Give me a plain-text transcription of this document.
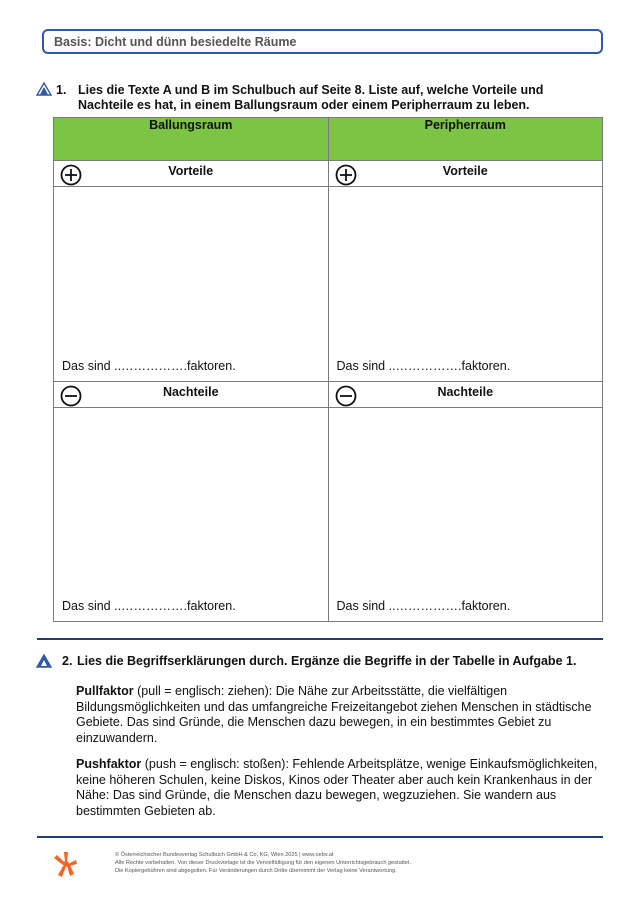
Basis: Dicht und dünn besiedelte Räume
1. Lies die Texte A und B im Schulbuch auf Seite 8. Liste auf, welche Vorteile und Nachteile es hat, in einem Ballungsraum oder einem Peripherraum zu leben.
Ballungsraum	Peripherraum

Vorteile	Vorteile

Das sind ..…………….faktoren.	Das sind ..…………….faktoren.

Nachteile	Nachteile

Das sind ..…………….faktoren.	Das sind ..…………….faktoren.
2. Lies die Begriffserklärungen durch. Ergänze die Begriffe in der Tabelle in Aufgabe 1.
Pullfaktor (pull = englisch: ziehen): Die Nähe zur Arbeitsstätte, die vielfältigen Bildungsmöglichkeiten und das umfangreiche Freizeitangebot ziehen Menschen in städtische Gebiete. Das sind Gründe, die Menschen dazu bewegen, in ein bestimmtes Gebiet zu einzuwandern.
Pushfaktor (push = englisch: stoßen): Fehlende Arbeitsplätze, wenige Einkaufsmöglichkeiten, keine höheren Schulen, keine Diskos, Kinos oder Theater aber auch kein Krankenhaus in der Nähe: Das sind Gründe, die Menschen dazu bewegen, wegzuziehen. Sie wandern aus bestimmten Gebieten ab.
© Österreichischer Bundesverlag Schulbuch GmbH & Co. KG, Wien 2025 | www.oebv.at
Alle Rechte vorbehalten. Von dieser Druckvorlage ist die Vervielfältigung für den eigenen Unterrichtsgebrauch gestattet.
Die Kopiergebühren sind abgegolten. Für Veränderungen durch Dritte übernimmt der Verlag keine Verantwortung.
